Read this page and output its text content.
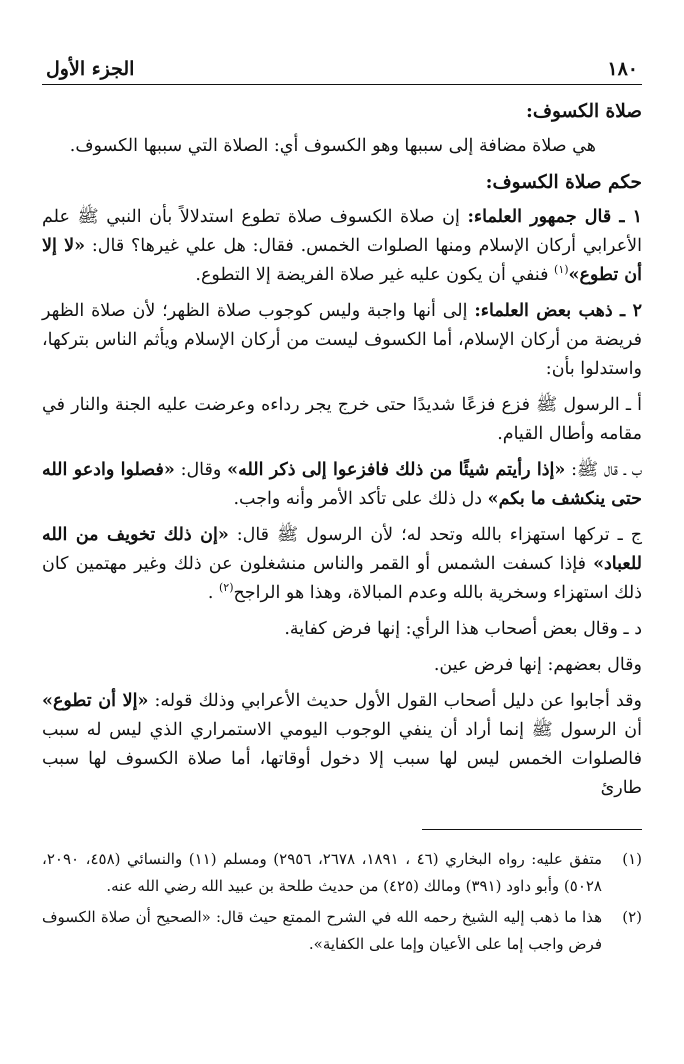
١٨٠
الجزء الأول

صلاة الكسوف:

هي صلاة مضافة إلى سببها وهو الكسوف أي: الصلاة التي سببها الكسوف.

حكم صلاة الكسوف:

١ ـ قال جمهور العلماء: إن صلاة الكسوف صلاة تطوع استدلالاً بأن النبي ﷺ علم الأعرابي أركان الإسلام ومنها الصلوات الخمس. فقال: هل علي غيرها؟ قال: «لا إلا أن تطوع»$^{(١)}$ فنفي أن يكون عليه غير صلاة الفريضة إلا التطوع.

٢ ـ ذهب بعض العلماء: إلى أنها واجبة وليس كوجوب صلاة الظهر؛ لأن صلاة الظهر فريضة من أركان الإسلام، أما الكسوف ليست من أركان الإسلام ويأثم الناس بتركها، واستدلوا بأن:

أ ـ الرسول ﷺ فزع فزعًا شديدًا حتى خرج يجر رداءه وعرضت عليه الجنة والنار في مقامه وأطال القيام.

ب ـ قال ﷺ: «إذا رأيتم شيئًا من ذلك فافزعوا إلى ذكر الله» وقال: «فصلوا وادعو الله حتى ينكشف ما بكم» دل ذلك على تأكد الأمر وأنه واجب.

ج ـ تركها استهزاء بالله وتحد له؛ لأن الرسول ﷺ قال: «إن ذلك تخويف من الله للعباد» فإذا كسفت الشمس أو القمر والناس منشغلون عن ذلك وغير مهتمين كان ذلك استهزاء وسخرية بالله وعدم المبالاة، وهذا هو الراجح$^{(٢)}$ .

د ـ وقال بعض أصحاب هذا الرأي: إنها فرض كفاية.

وقال بعضهم: إنها فرض عين.

وقد أجابوا عن دليل أصحاب القول الأول حديث الأعرابي وذلك قوله: «إلا أن تطوع» أن الرسول ﷺ إنما أراد أن ينفي الوجوب اليومي الاستمراري الذي ليس له سبب فالصلوات الخمس ليس لها سبب إلا دخول أوقاتها، أما صلاة الكسوف لها سبب طارئ

(١)
متفق عليه: رواه البخاري (٤٦ ، ١٨٩١، ٢٦٧٨، ٢٩٥٦) ومسلم (١١) والنسائي (٤٥٨، ٢٠٩٠، ٥٠٢٨) وأبو داود (٣٩١) ومالك (٤٢٥) من حديث طلحة بن عبيد الله رضي الله عنه.
(٢)
هذا ما ذهب إليه الشيخ رحمه الله في الشرح الممتع حيث قال: «الصحيح أن صلاة الكسوف فرض واجب إما على الأعيان وإما على الكفاية».
